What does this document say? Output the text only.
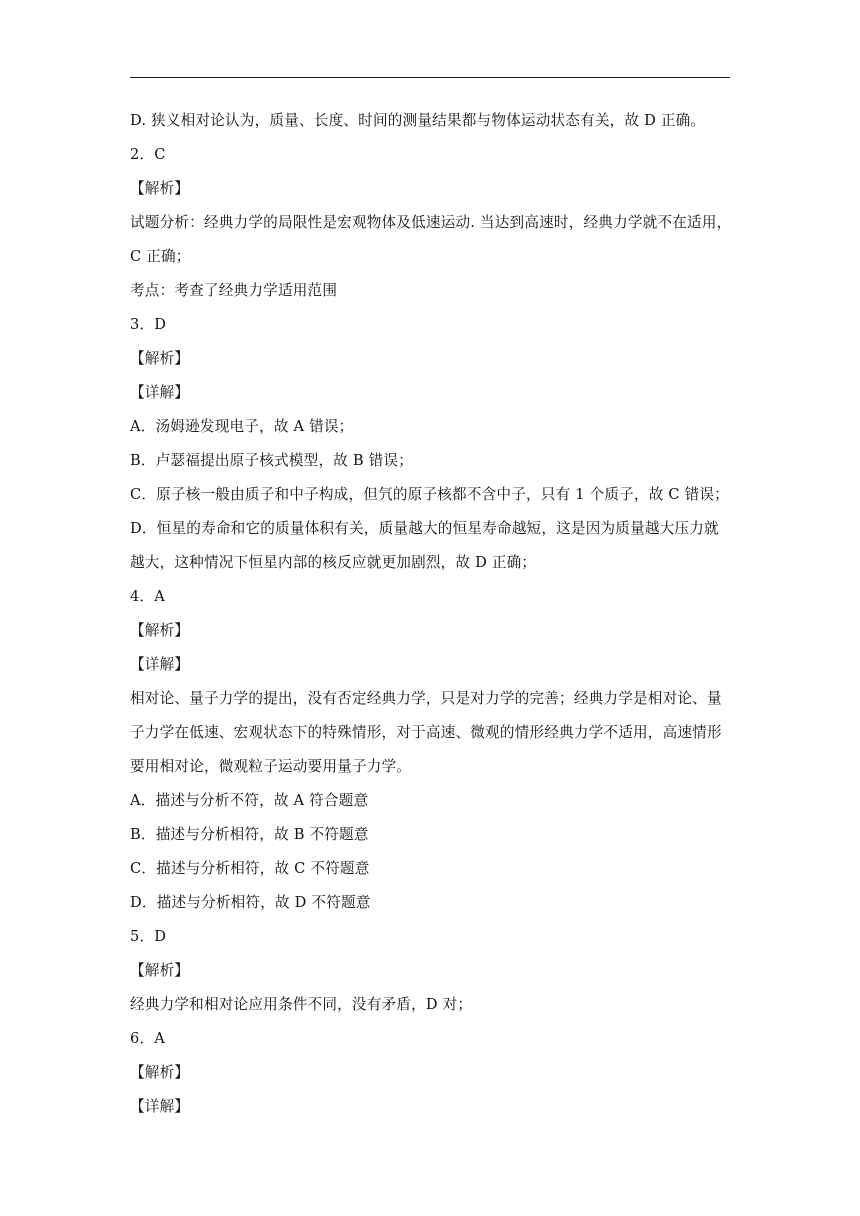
D. 狭义相对论认为，质量、长度、时间的测量结果都与物体运动状态有关，故 D 正确。
2．C
【解析】
试题分析：经典力学的局限性是宏观物体及低速运动. 当达到高速时，经典力学就不在适用，
C 正确；
考点：考查了经典力学适用范围
3．D
【解析】
【详解】
A．汤姆逊发现电子，故 A 错误；
B．卢瑟福提出原子核式模型，故 B 错误；
C．原子核一般由质子和中子构成，但氕的原子核都不含中子，只有 1 个质子，故 C 错误；
D．恒星的寿命和它的质量体积有关，质量越大的恒星寿命越短，这是因为质量越大压力就
越大，这种情况下恒星内部的核反应就更加剧烈，故 D 正确；
4．A
【解析】
【详解】
相对论、量子力学的提出，没有否定经典力学，只是对力学的完善；经典力学是相对论、量
子力学在低速、宏观状态下的特殊情形，对于高速、微观的情形经典力学不适用，高速情形
要用相对论，微观粒子运动要用量子力学。
A．描述与分析不符，故 A 符合题意
B．描述与分析相符，故 B 不符题意
C．描述与分析相符，故 C 不符题意
D．描述与分析相符，故 D 不符题意
5．D
【解析】
经典力学和相对论应用条件不同，没有矛盾，D 对；
6．A
【解析】
【详解】
